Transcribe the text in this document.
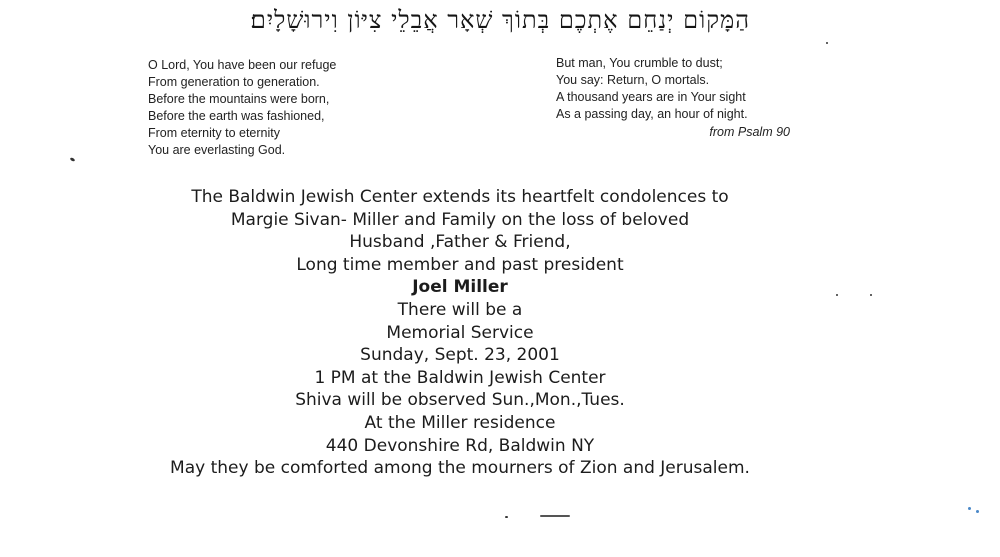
הַמָּקוֹם יְנַחֵם אֶתְכֶם בְּתוֹךְ שְׁאָר אֲבֵלֵי צִיּוֹן וִירוּשָׁלָיִם׃
O Lord, You have been our refuge
From generation to generation.
Before the mountains were born,
Before the earth was fashioned,
From eternity to eternity
You are everlasting God.
But man, You crumble to dust;
You say: Return, O mortals.
A thousand years are in Your sight
As a passing day, an hour of night.
from Psalm 90
The Baldwin Jewish Center extends its heartfelt condolences to
Margie Sivan- Miller and Family on the loss of beloved
Husband ,Father & Friend,
Long time member and past president
Joel Miller
There will be a
Memorial Service
Sunday, Sept. 23, 2001
1 PM at the Baldwin Jewish Center
Shiva will be observed Sun.,Mon.,Tues.
At the Miller residence
440 Devonshire Rd, Baldwin NY
May they be comforted among the mourners of Zion and Jerusalem.
